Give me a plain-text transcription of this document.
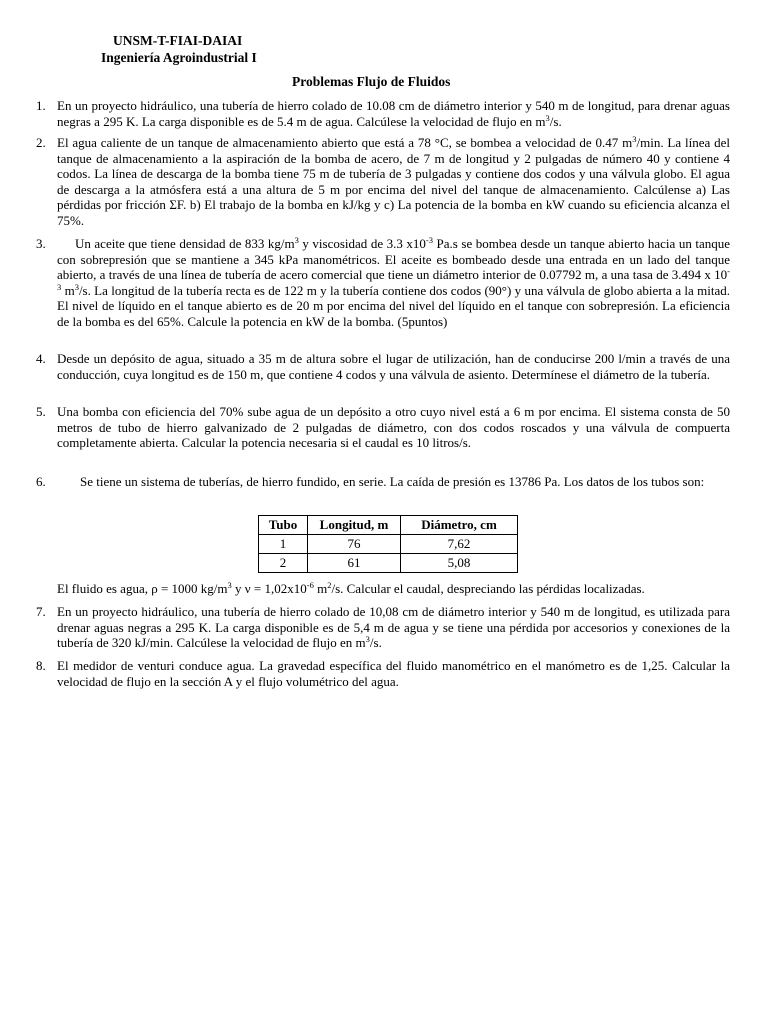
UNSM-T-FIAI-DAIAI
Ingeniería Agroindustrial I
Problemas Flujo de Fluidos
1. En un proyecto hidráulico, una tubería de hierro colado de 10.08 cm de diámetro interior y 540 m de longitud, para drenar aguas negras a 295 K. La carga disponible es de 5.4 m de agua. Calcúlese la velocidad de flujo en $m^3/s$.
2. El agua caliente de un tanque de almacenamiento abierto que está a 78 °C, se bombea a velocidad de 0.47 $m^3/\min$. La línea del tanque de almacenamiento a la aspiración de la bomba de acero, de 7 m de longitud y 2 pulgadas de número 40 y contiene 4 codos. La línea de descarga de la bomba tiene 75 m de tubería de 3 pulgadas y contiene dos codos y una válvula globo. El agua de descarga a la atmósfera está a una altura de 5 m por encima del nivel del tanque de almacenamiento. Calcúlense a) Las pérdidas por fricción ΣF. b) El trabajo de la bomba en kJ/kg y c) La potencia de la bomba en kW cuando su eficiencia alcanza el 75%.
3.	Un aceite que tiene densidad de 833 $kg/m^3$ y viscosidad de 3.3 $x10^{-3}$ Pa.s se bombea desde un tanque abierto hacia un tanque con sobrepresión que se mantiene a 345 kPa manométricos. El aceite es bombeado desde una entrada en un lado del tanque abierto, a través de una línea de tubería de acero comercial que tiene un diámetro interior de 0.07792 m, a una tasa de 3.494 x $10^{-3}$ $m^3/s$. La longitud de la tubería recta es de 122 m y la tubería contiene dos codos (90°) y una válvula de globo abierta a la mitad. El nivel de líquido en el tanque abierto es de 20 m por encima del nivel del líquido en el tanque con sobrepresión. La eficiencia de la bomba es del 65%. Calcule la potencia en kW de la bomba. (5puntos)
4. Desde un depósito de agua, situado a 35 m de altura sobre el lugar de utilización, han de conducirse 200 l/min a través de una conducción, cuya longitud es de 150 m, que contiene 4 codos y una válvula de asiento. Determínese el diámetro de la tubería.
5. Una bomba con eficiencia del 70% sube agua de un depósito a otro cuyo nivel está a 6 m por encima. El sistema consta de 50 metros de tubo de hierro galvanizado de 2 pulgadas de diámetro, con dos codos roscados y una válvula de compuerta completamente abierta. Calcular la potencia necesaria si el caudal es 10 litros/s.
6.	Se tiene un sistema de tuberías, de hierro fundido, en serie. La caída de presión es 13786 Pa. Los datos de los tubos son:
Tubo	Longitud, m	Diámetro, cm
1	76	7,62
2	61	5,08
El fluido es agua, ρ = 1000 $kg/m^3$ y $\nu = 1,02x10^{-6}$ $m^2/s$. Calcular el caudal, despreciando las pérdidas localizadas.
7. En un proyecto hidráulico, una tubería de hierro colado de 10,08 cm de diámetro interior y 540 m de longitud, es utilizada para drenar aguas negras a 295 K. La carga disponible es de 5,4 m de agua y se tiene una pérdida por accesorios y conexiones de la tubería de 320 kJ/min. Calcúlese la velocidad de flujo en $m^3/s$.
8. El medidor de venturi conduce agua. La gravedad específica del fluido manométrico en el manómetro es de 1,25. Calcular la velocidad de flujo en la sección A y el flujo volumétrico del agua.
